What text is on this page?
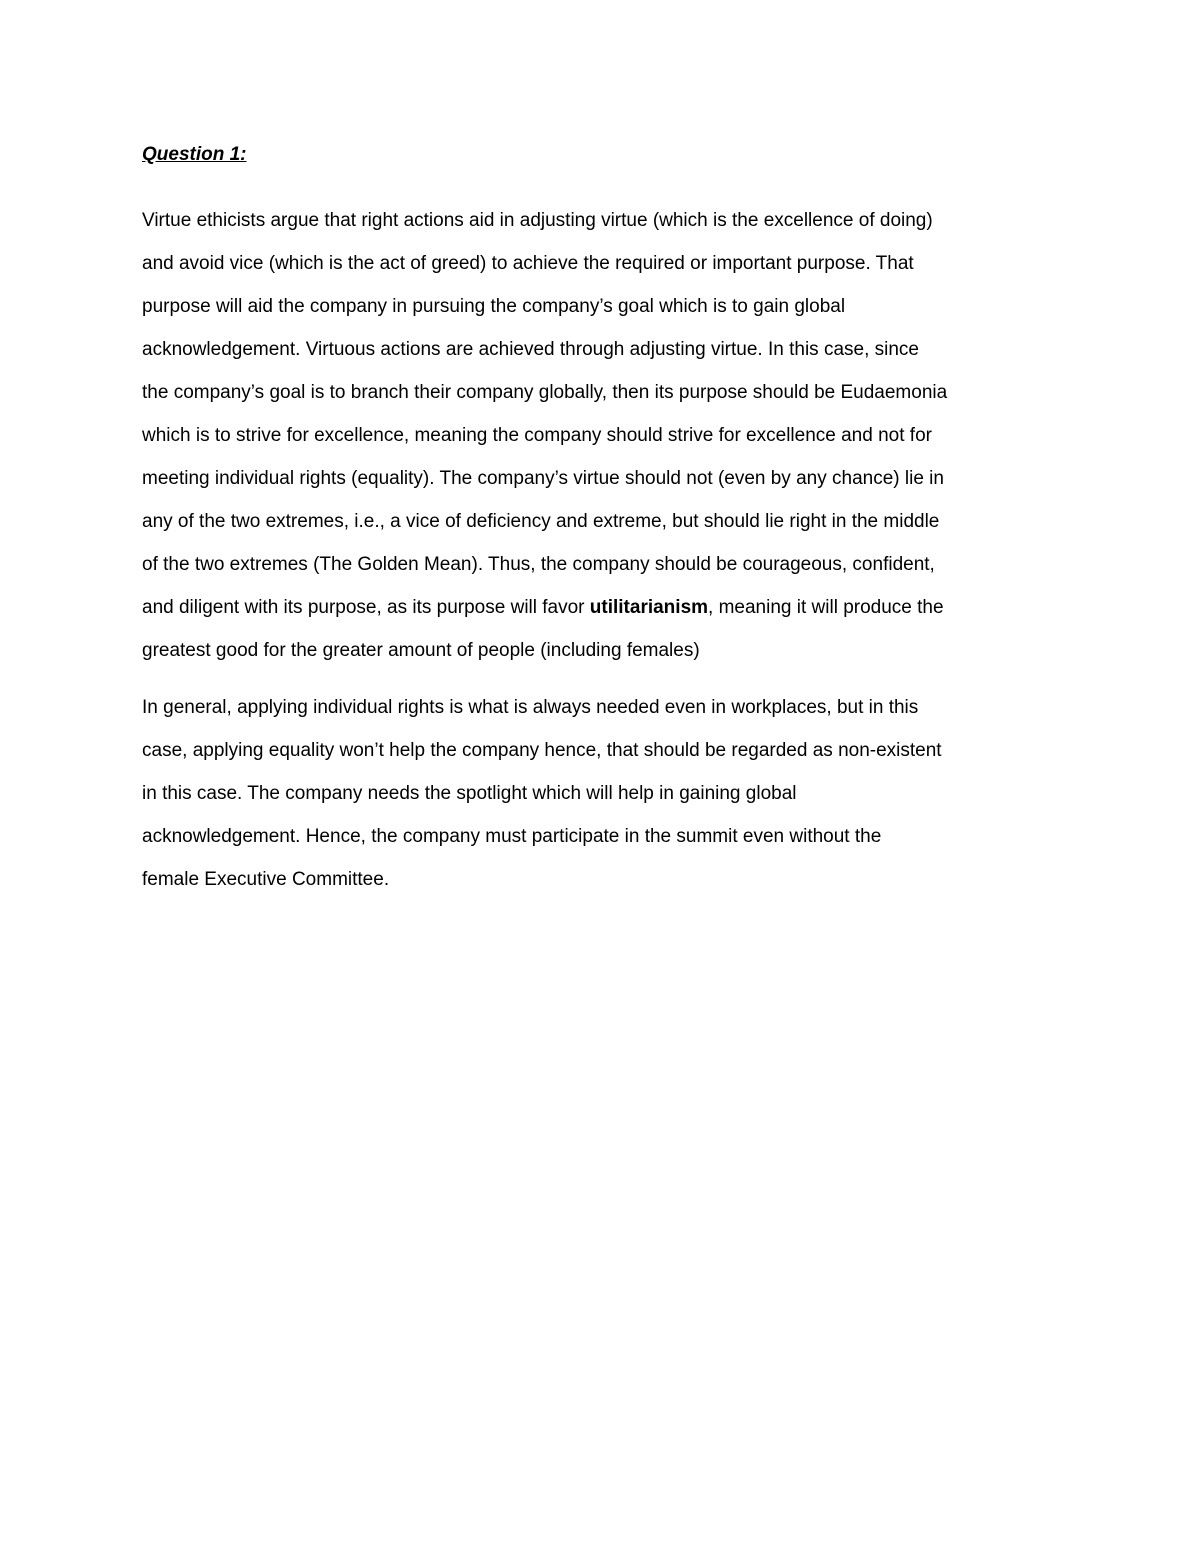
Question 1:
Virtue ethicists argue that right actions aid in adjusting virtue (which is the excellence of doing)
and avoid vice (which is the act of greed) to achieve the required or important purpose. That
purpose will aid the company in pursuing the company’s goal which is to gain global
acknowledgement. Virtuous actions are achieved through adjusting virtue. In this case, since
the company’s goal is to branch their company globally, then its purpose should be Eudaemonia
which is to strive for excellence, meaning the company should strive for excellence and not for
meeting individual rights (equality). The company’s virtue should not (even by any chance) lie in
any of the two extremes, i.e., a vice of deficiency and extreme, but should lie right in the middle
of the two extremes (The Golden Mean). Thus, the company should be courageous, confident,
and diligent with its purpose, as its purpose will favor utilitarianism, meaning it will produce the
greatest good for the greater amount of people (including females)
In general, applying individual rights is what is always needed even in workplaces, but in this
case, applying equality won’t help the company hence, that should be regarded as non-existent
in this case. The company needs the spotlight which will help in gaining global
acknowledgement. Hence, the company must participate in the summit even without the
female Executive Committee.
